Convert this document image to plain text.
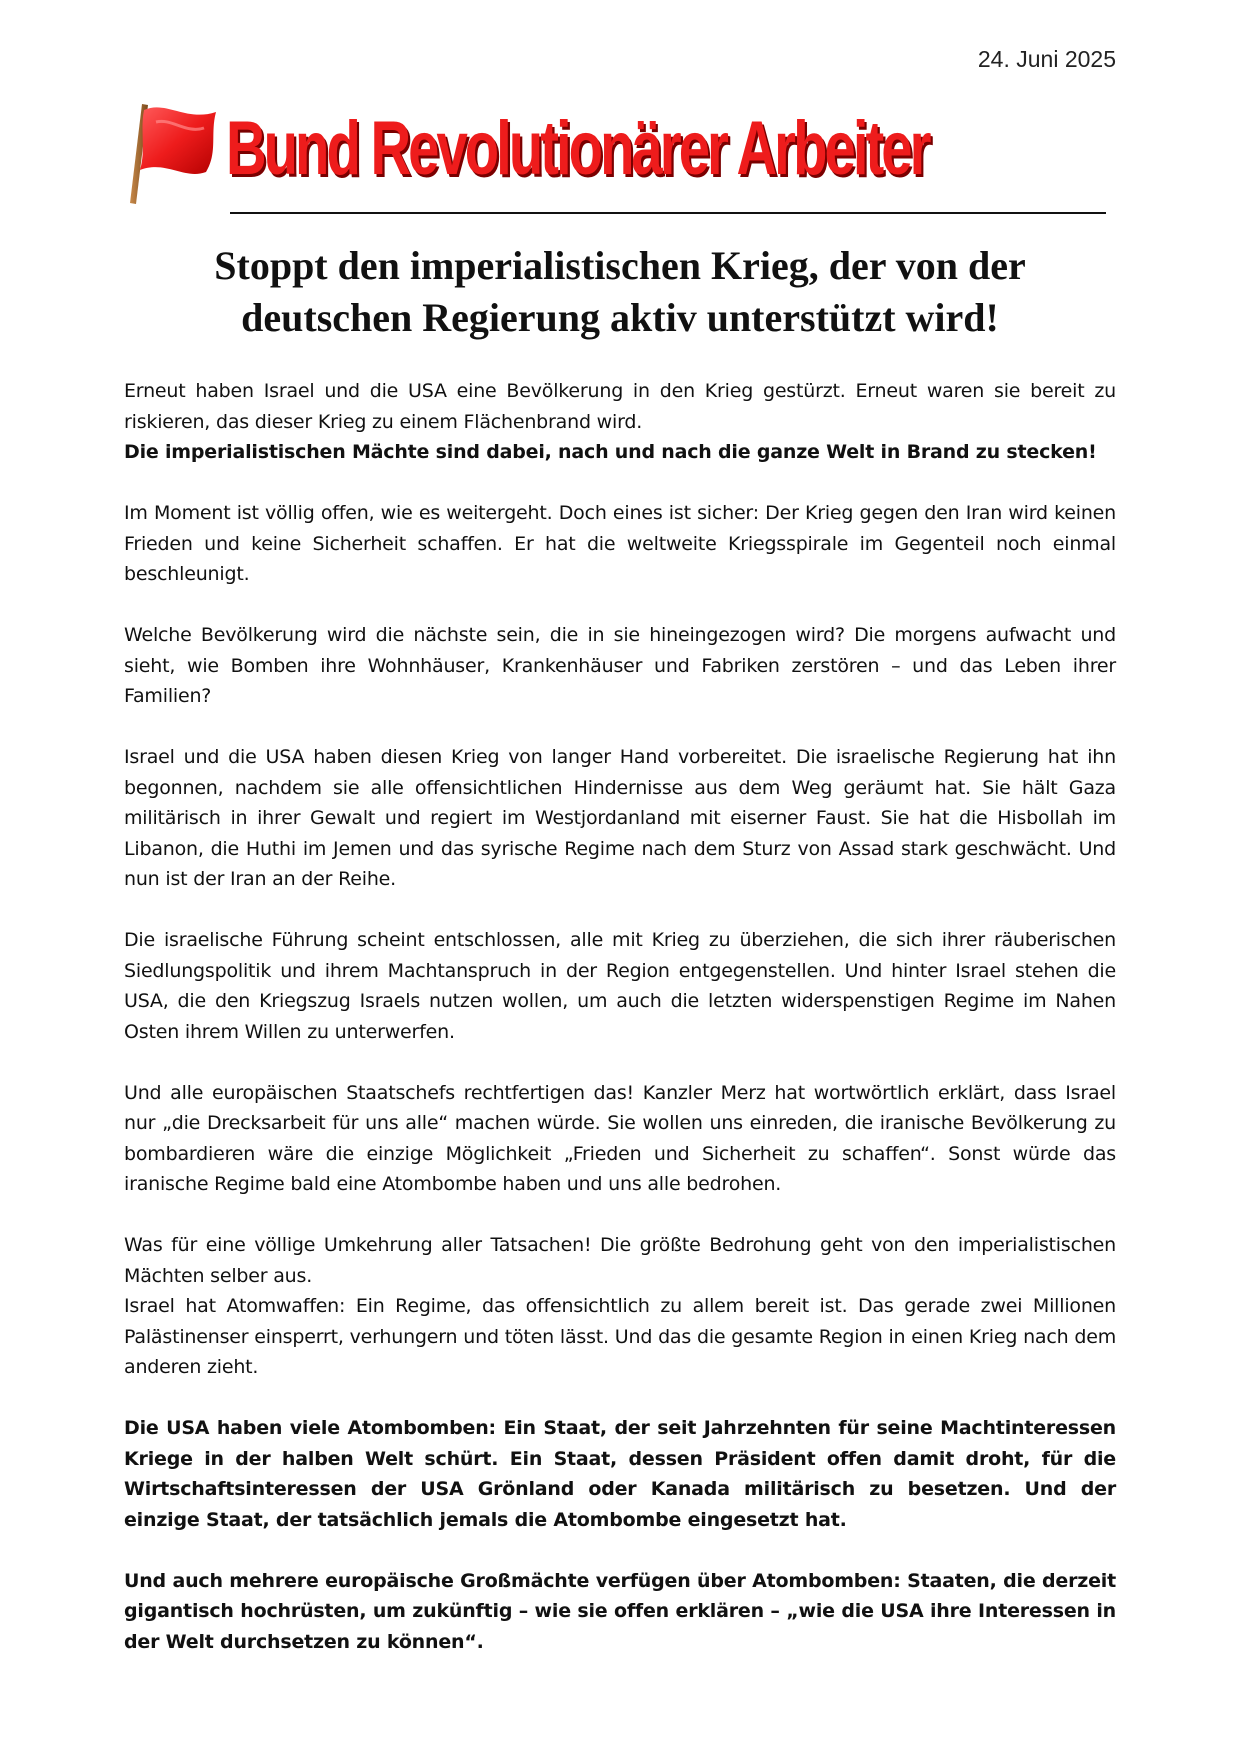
24. Juni 2025
Bund Revolutionärer Arbeiter
Stoppt den imperialistischen Krieg, der von der
deutschen Regierung aktiv unterstützt wird!

Erneut haben Israel und die USA eine Bevölkerung in den Krieg gestürzt. Erneut waren sie bereit zu riskieren, das dieser Krieg zu einem Flächenbrand wird.
Die imperialistischen Mächte sind dabei, nach und nach die ganze Welt in Brand zu stecken!

Im Moment ist völlig offen, wie es weitergeht. Doch eines ist sicher: Der Krieg gegen den Iran wird keinen Frieden und keine Sicherheit schaffen. Er hat die weltweite Kriegsspirale im Gegenteil noch einmal beschleunigt.

Welche Bevölkerung wird die nächste sein, die in sie hineingezogen wird? Die morgens aufwacht und sieht, wie Bomben ihre Wohnhäuser, Krankenhäuser und Fabriken zerstören – und das Leben ihrer Familien?

Israel und die USA haben diesen Krieg von langer Hand vorbereitet. Die israelische Regierung hat ihn begonnen, nachdem sie alle offensichtlichen Hindernisse aus dem Weg geräumt hat. Sie hält Gaza militärisch in ihrer Gewalt und regiert im Westjordanland mit eiserner Faust. Sie hat die Hisbollah im Libanon, die Huthi im Jemen und das syrische Regime nach dem Sturz von Assad stark geschwächt. Und nun ist der Iran an der Reihe.

Die israelische Führung scheint entschlossen, alle mit Krieg zu überziehen, die sich ihrer räuberischen Siedlungspolitik und ihrem Machtanspruch in der Region entgegenstellen. Und hinter Israel stehen die USA, die den Kriegszug Israels nutzen wollen, um auch die letzten widerspenstigen Regime im Nahen Osten ihrem Willen zu unterwerfen.

Und alle europäischen Staatschefs rechtfertigen das! Kanzler Merz hat wortwörtlich erklärt, dass Israel nur „die Drecksarbeit für uns alle“ machen würde. Sie wollen uns einreden, die iranische Bevölkerung zu bombardieren wäre die einzige Möglichkeit „Frieden und Sicherheit zu schaffen“. Sonst würde das iranische Regime bald eine Atombombe haben und uns alle bedrohen.

Was für eine völlige Umkehrung aller Tatsachen! Die größte Bedrohung geht von den imperialistischen Mächten selber aus.
Israel hat Atomwaffen: Ein Regime, das offensichtlich zu allem bereit ist. Das gerade zwei Millionen Palästinenser einsperrt, verhungern und töten lässt. Und das die gesamte Region in einen Krieg nach dem anderen zieht.

Die USA haben viele Atombomben: Ein Staat, der seit Jahrzehnten für seine Machtinteressen Kriege in der halben Welt schürt. Ein Staat, dessen Präsident offen damit droht, für die Wirtschaftsinteressen der USA Grönland oder Kanada militärisch zu besetzen. Und der einzige Staat, der tatsächlich jemals die Atombombe eingesetzt hat.

Und auch mehrere europäische Großmächte verfügen über Atombomben: Staaten, die derzeit gigantisch hochrüsten, um zukünftig – wie sie offen erklären – „wie die USA ihre Interessen in der Welt durchsetzen zu können“.
